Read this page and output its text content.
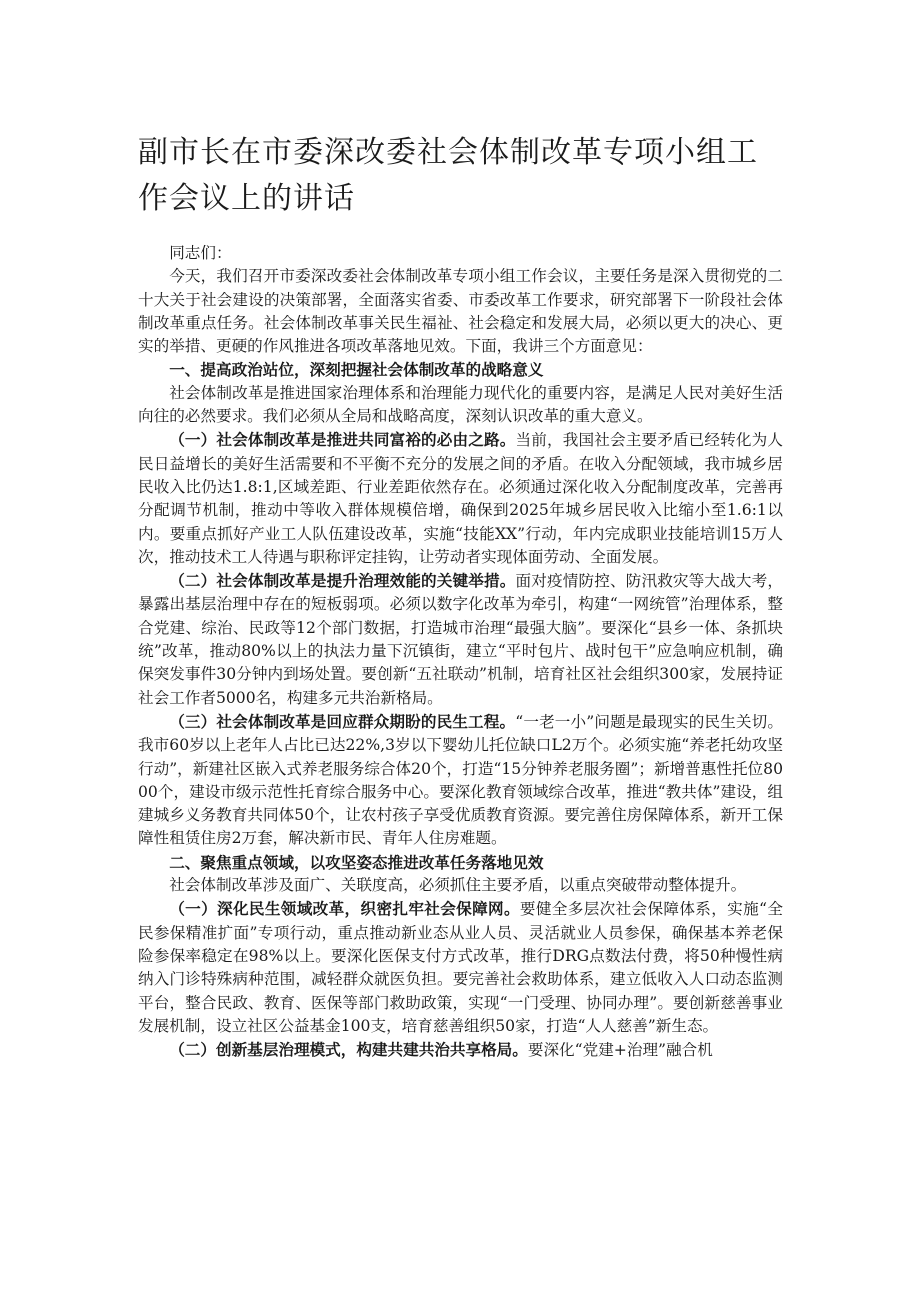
副市长在市委深改委社会体制改革专项小组工作会议上的讲话

同志们：

今天，我们召开市委深改委社会体制改革专项小组工作会议，主要任务是深入贯彻党的二十大关于社会建设的决策部署，全面落实省委、市委改革工作要求，研究部署下一阶段社会体制改革重点任务。社会体制改革事关民生福祉、社会稳定和发展大局，必须以更大的决心、更实的举措、更硬的作风推进各项改革落地见效。下面，我讲三个方面意见：

一、提高政治站位，深刻把握社会体制改革的战略意义

社会体制改革是推进国家治理体系和治理能力现代化的重要内容，是满足人民对美好生活向往的必然要求。我们必须从全局和战略高度，深刻认识改革的重大意义。

（一）社会体制改革是推进共同富裕的必由之路。当前，我国社会主要矛盾已经转化为人民日益增长的美好生活需要和不平衡不充分的发展之间的矛盾。在收入分配领域，我市城乡居民收入比仍达1.8:1,区域差距、行业差距依然存在。必须通过深化收入分配制度改革，完善再分配调节机制，推动中等收入群体规模倍增，确保到2025年城乡居民收入比缩小至1.6:1以内。要重点抓好产业工人队伍建设改革，实施“技能XX”行动，年内完成职业技能培训15万人次，推动技术工人待遇与职称评定挂钩，让劳动者实现体面劳动、全面发展。

（二）社会体制改革是提升治理效能的关键举措。面对疫情防控、防汛救灾等大战大考，暴露出基层治理中存在的短板弱项。必须以数字化改革为牵引，构建“一网统管”治理体系，整合党建、综治、民政等12个部门数据，打造城市治理“最强大脑”。要深化“县乡一体、条抓块统”改革，推动80%以上的执法力量下沉镇街，建立“平时包片、战时包干”应急响应机制，确保突发事件30分钟内到场处置。要创新“五社联动”机制，培育社区社会组织300家，发展持证社会工作者5000名，构建多元共治新格局。

（三）社会体制改革是回应群众期盼的民生工程。“一老一小”问题是最现实的民生关切。我市60岁以上老年人占比已达22%,3岁以下婴幼儿托位缺口L2万个。必须实施“养老托幼攻坚行动”，新建社区嵌入式养老服务综合体20个，打造“15分钟养老服务圈”；新增普惠性托位8000个，建设市级示范性托育综合服务中心。要深化教育领域综合改革，推进“教共体”建设，组建城乡义务教育共同体50个，让农村孩子享受优质教育资源。要完善住房保障体系，新开工保障性租赁住房2万套，解决新市民、青年人住房难题。

二、聚焦重点领域，以攻坚姿态推进改革任务落地见效

社会体制改革涉及面广、关联度高，必须抓住主要矛盾，以重点突破带动整体提升。

（一）深化民生领域改革，织密扎牢社会保障网。要健全多层次社会保障体系，实施“全民参保精准扩面”专项行动，重点推动新业态从业人员、灵活就业人员参保，确保基本养老保险参保率稳定在98%以上。要深化医保支付方式改革，推行DRG点数法付费，将50种慢性病纳入门诊特殊病种范围，减轻群众就医负担。要完善社会救助体系，建立低收入人口动态监测平台，整合民政、教育、医保等部门救助政策，实现“一门受理、协同办理”。要创新慈善事业发展机制，设立社区公益基金100支，培育慈善组织50家，打造“人人慈善”新生态。

（二）创新基层治理模式，构建共建共治共享格局。要深化“党建+治理”融合机
